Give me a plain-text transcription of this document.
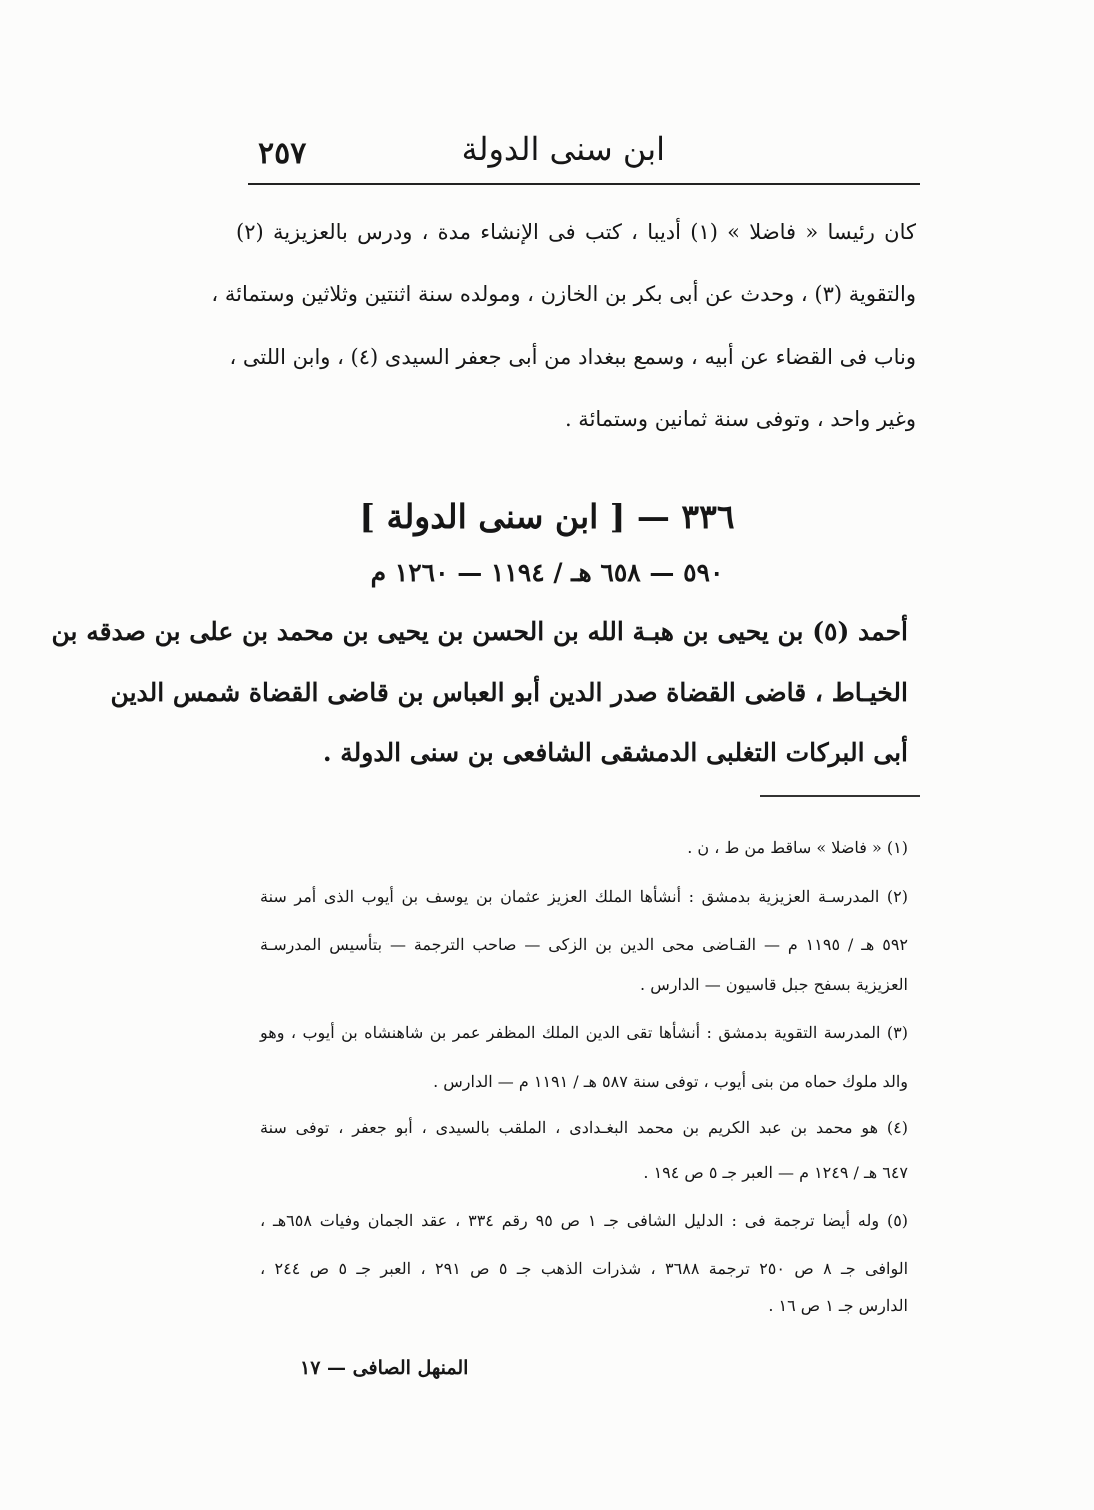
ابن سنى الدولة
٢٥٧
كان رئيسا « فاضلا » (١) أديبا ، كتب فى الإنشاء مدة ، ودرس بالعزيزية (٢)
والتقوية (٣) ، وحدث عن أبى بكر بن الخازن ، ومولده سنة اثنتين وثلاثين وستمائة ،
وناب فى القضاء عن أبيه ، وسمع ببغداد من أبى جعفر السيدى (٤) ، وابن اللتى ،
وغير واحد ، وتوفى سنة ثمانين وستمائة .
٣٣٦ — [ ابن سنى الدولة ]
٥٩٠ — ٦٥٨ هـ / ١١٩٤ — ١٢٦٠ م
أحمد (٥) بن يحيى بن هبـة الله بن الحسن بن يحيى بن محمد بن على بن صدقه بن
الخيـاط ، قاضى القضاة صدر الدين أبو العباس بن قاضى القضاة شمس الدين
أبى البركات التغلبى الدمشقى الشافعى بن سنى الدولة .
(١) « فاضلا » ساقط من ط ، ن .
(٢) المدرسـة العزيزية بدمشق : أنشأها الملك العزيز عثمان بن يوسف بن أيوب الذى أمر سنة
٥٩٢ هـ / ١١٩٥ م — القـاضى محى الدين بن الزكى — صاحب الترجمة — بتأسيس المدرسـة
العزيزية بسفح جبل قاسيون — الدارس .
(٣) المدرسة التقوية بدمشق : أنشأها تقى الدين الملك المظفر عمر بن شاهنشاه بن أيوب ، وهو
والد ملوك حماه من بنى أيوب ، توفى سنة ٥٨٧ هـ / ١١٩١ م — الدارس .
(٤) هو محمد بن عبد الكريم بن محمد البغـدادى ، الملقب بالسيدى ، أبو جعفر ، توفى سنة
٦٤٧ هـ / ١٢٤٩ م — العبر جـ ٥ ص ١٩٤ .
(٥) وله أيضا ترجمة فى : الدليل الشافى جـ ١ ص ٩٥ رقم ٣٣٤ ، عقد الجمان وفيات ٦٥٨هـ ،
الوافى جـ ٨ ص ٢٥٠ ترجمة ٣٦٨٨ ، شذرات الذهب جـ ٥ ص ٢٩١ ، العبر جـ ٥ ص ٢٤٤ ،
الدارس جـ ١ ص ١٦ .
المنهل الصافى — ١٧
